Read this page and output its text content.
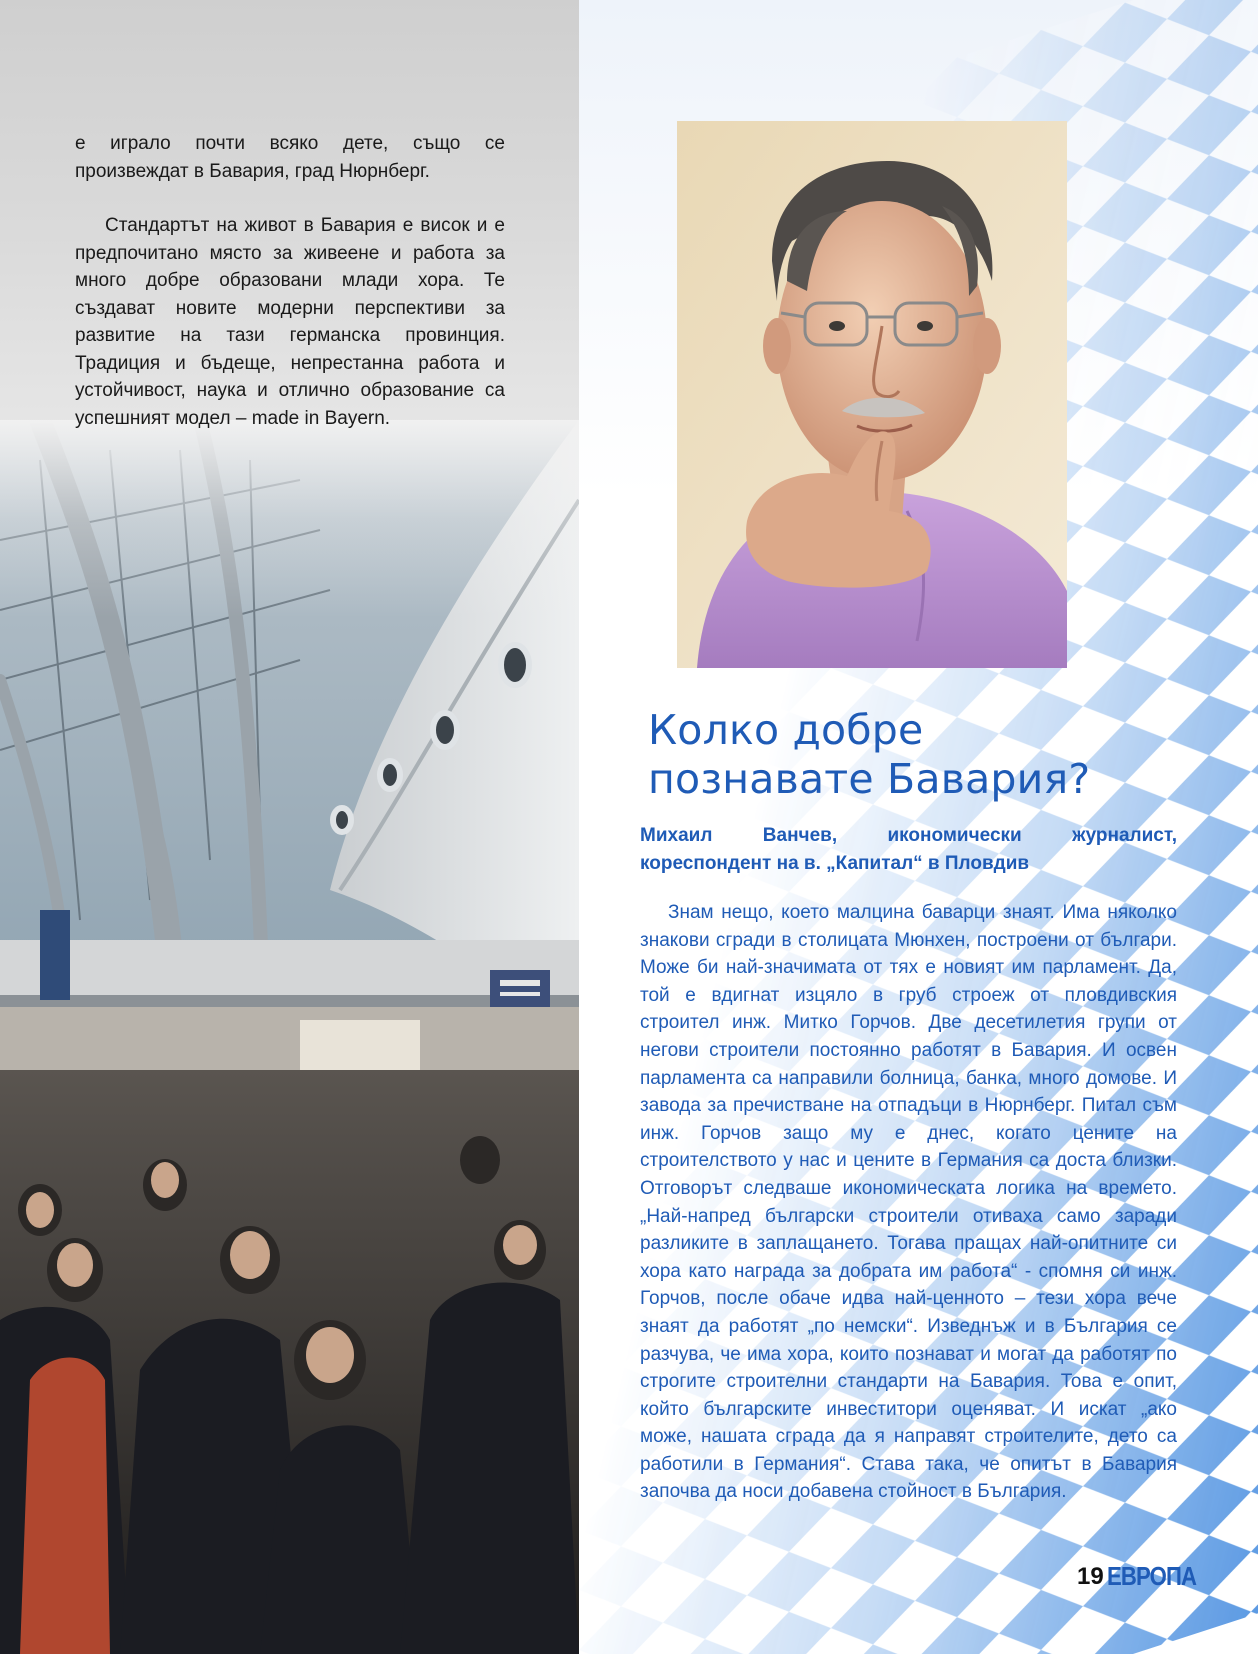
е играло почти всяко дете, също се произвеждат в Бавария, град Нюрнберг.

Стандартът на живот в Бавария е висок и е предпочитано място за живеене и работа за много добре образовани млади хора. Те създават новите модерни перспективи за развитие на тази германска провинция. Традиция и бъдеще, непрестанна работа и устойчивост, наука и отлично образование са успешният модел – made in Bayern.

Колко добре
познавате Бавария?

Михаил Ванчев, икономически журналист, кореспондент на в. „Капитал“ в Пловдив

Знам нещо, което малцина баварци знаят. Има няколко знакови сгради в столицата Мюнхен, построени от българи. Може би най-значимата от тях е новият им парламент. Да, той е вдигнат изцяло в груб строеж от пловдивския строител инж. Митко Горчов. Две десетилетия групи от негови строители постоянно работят в Бавария. И освен парламента са направили болница, банка, много домове. И завода за пречистване на отпадъци в Нюрнберг. Питал съм инж. Горчов защо му е днес, когато цените на строителството у нас и цените в Германия са доста близки. Отговорът следваше икономическата логика на времето. „Най-напред български строители отиваха само заради разликите в заплащането. Тогава пращах най-опитните си хора като награда за добрата им работа“ - спомня си инж. Горчов, после обаче идва най-ценното – тези хора вече знаят да работят „по немски“. Изведнъж и в България се разчува, че има хора, които познават и могат да работят по строгите строителни стандарти на Бавария. Това е опит, който българските инвеститори оценяват. И искат „ако може, нашата сграда да я направят строителите, дето са работили в Германия“. Става така, че опитът в Бавария започва да носи добавена стойност в България.

19 ЕВРОПА
